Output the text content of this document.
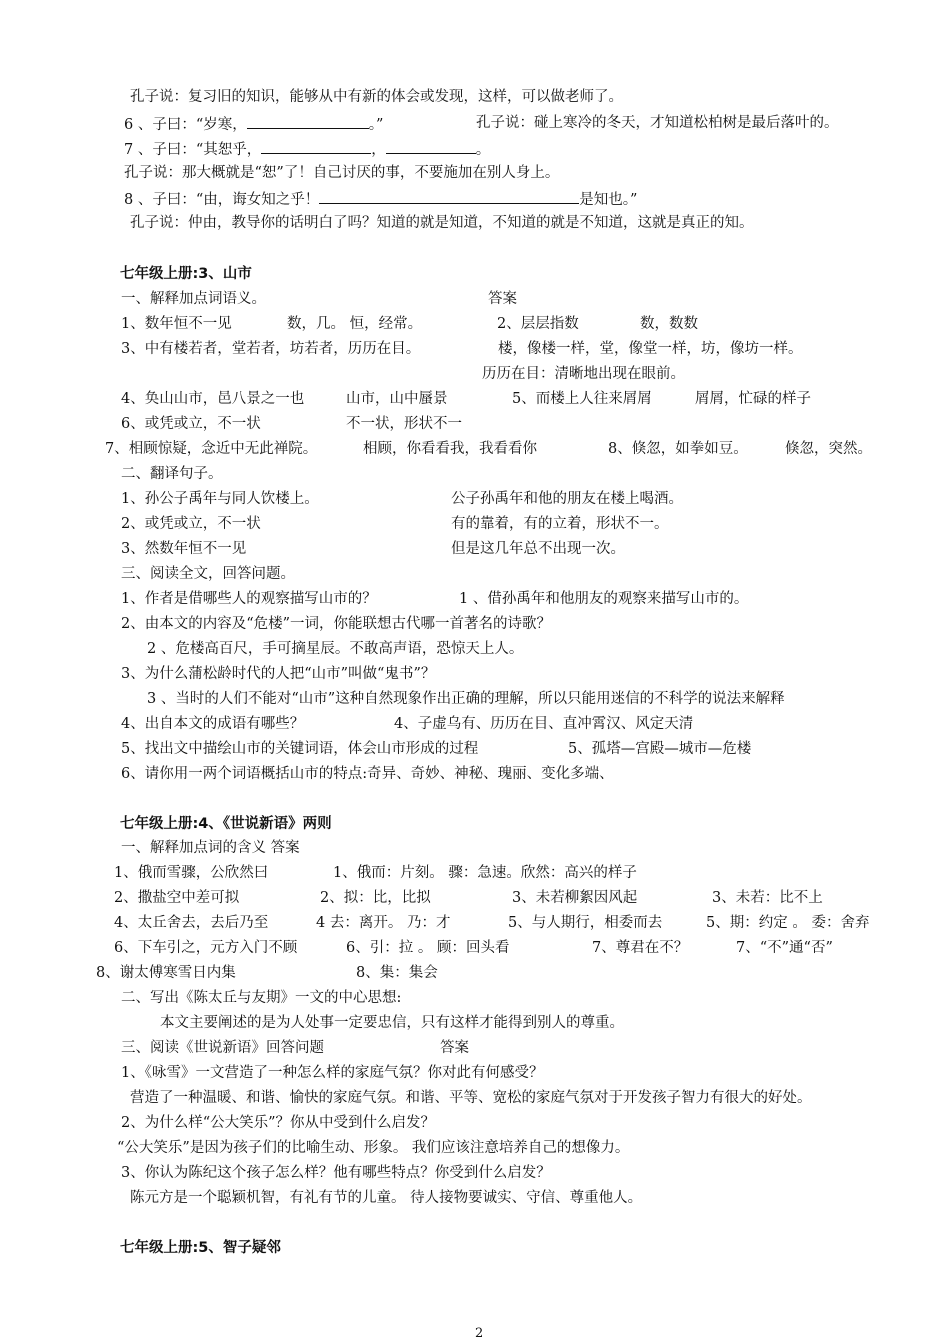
孔子说：复习旧的知识，能够从中有新的体会或发现，这样，可以做老师了。
6 、子曰：“岁寒，	。”	孔子说：碰上寒冷的冬天，才知道松柏树是最后落叶的。
7 、子曰：“其恕乎，	，	。
孔子说：那大概就是“恕”了！自己讨厌的事，不要施加在别人身上。
8 、子曰：“由，诲女知之乎！	是知也。”
孔子说：仲由，教导你的话明白了吗？知道的就是知道，不知道的就是不知道，这就是真正的知。
七年级上册:3、山市
一、解释加点词语义。	答案
1、数年恒不一见	数，几。 恒，经常。	2、层层指数	数，数数
3、中有楼若者，堂若者，坊若者，历历在目。	楼，像楼一样，堂，像堂一样，坊，像坊一样。
历历在目：清晰地出现在眼前。
4、奂山山市，邑八景之一也	山市，山中蜃景	5、而楼上人往来屑屑	屑屑，忙碌的样子
6、或凭或立，不一状	不一状，形状不一
7、相顾惊疑，念近中无此禅院。	相顾，你看看我，我看看你	8、倏忽，如拳如豆。	倏忽，突然。
二、翻译句子。
1、孙公子禹年与同人饮楼上。	公子孙禹年和他的朋友在楼上喝酒。
2、或凭或立，不一状	有的靠着，有的立着，形状不一。
3、然数年恒不一见	但是这几年总不出现一次。
三、阅读全文，回答问题。
1、作者是借哪些人的观察描写山市的？	1 、借孙禹年和他朋友的观察来描写山市的。
2、由本文的内容及“危楼”一词，你能联想古代哪一首著名的诗歌？
2 、危楼高百尺，手可摘星辰。不敢高声语，恐惊天上人。
3、为什么蒲松龄时代的人把“山市”叫做“鬼书”？
3 、当时的人们不能对“山市”这种自然现象作出正确的理解，所以只能用迷信的不科学的说法来解释
4、出自本文的成语有哪些？	4、子虚乌有、历历在目、直冲霄汉、风定天清
5、找出文中描绘山市的关键词语，体会山市形成的过程	5、孤塔—宫殿—城市—危楼
6、请你用一两个词语概括山市的特点:奇异、奇妙、神秘、瑰丽、变化多端、
七年级上册:4、《世说新语》两则
一、解释加点词的含义 答案
1、俄而雪骤，公欣然曰	1、俄而：片刻。 骤：急速。欣然：高兴的样子
2、撒盐空中差可拟	2、拟：比，比拟	3、未若柳絮因风起	3、未若：比不上
4、太丘舍去，去后乃至	4 去：离开。 乃：才	5、与人期行，相委而去	5、期：约定 。 委：舍弃
6、下车引之，元方入门不顾	6、引：拉 。 顾：回头看	7、尊君在不？	7、“不”通“否”
8、谢太傅寒雪日内集	8、集：集会
二、写出《陈太丘与友期》一文的中心思想:
本文主要阐述的是为人处事一定要忠信，只有这样才能得到别人的尊重。
三、阅读《世说新语》回答问题	答案
1、《咏雪》一文营造了一种怎么样的家庭气氛？你对此有何感受？
营造了一种温暖、和谐、愉快的家庭气氛。和谐、平等、宽松的家庭气氛对于开发孩子智力有很大的好处。
2、为什么样“公大笑乐”？你从中受到什么启发？
“公大笑乐”是因为孩子们的比喻生动、形象。 我们应该注意培养自己的想像力。
3、你认为陈纪这个孩子怎么样？他有哪些特点？你受到什么启发？
陈元方是一个聪颖机智，有礼有节的儿童。 待人接物要诚实、守信、尊重他人。
七年级上册:5、智子疑邻
2
